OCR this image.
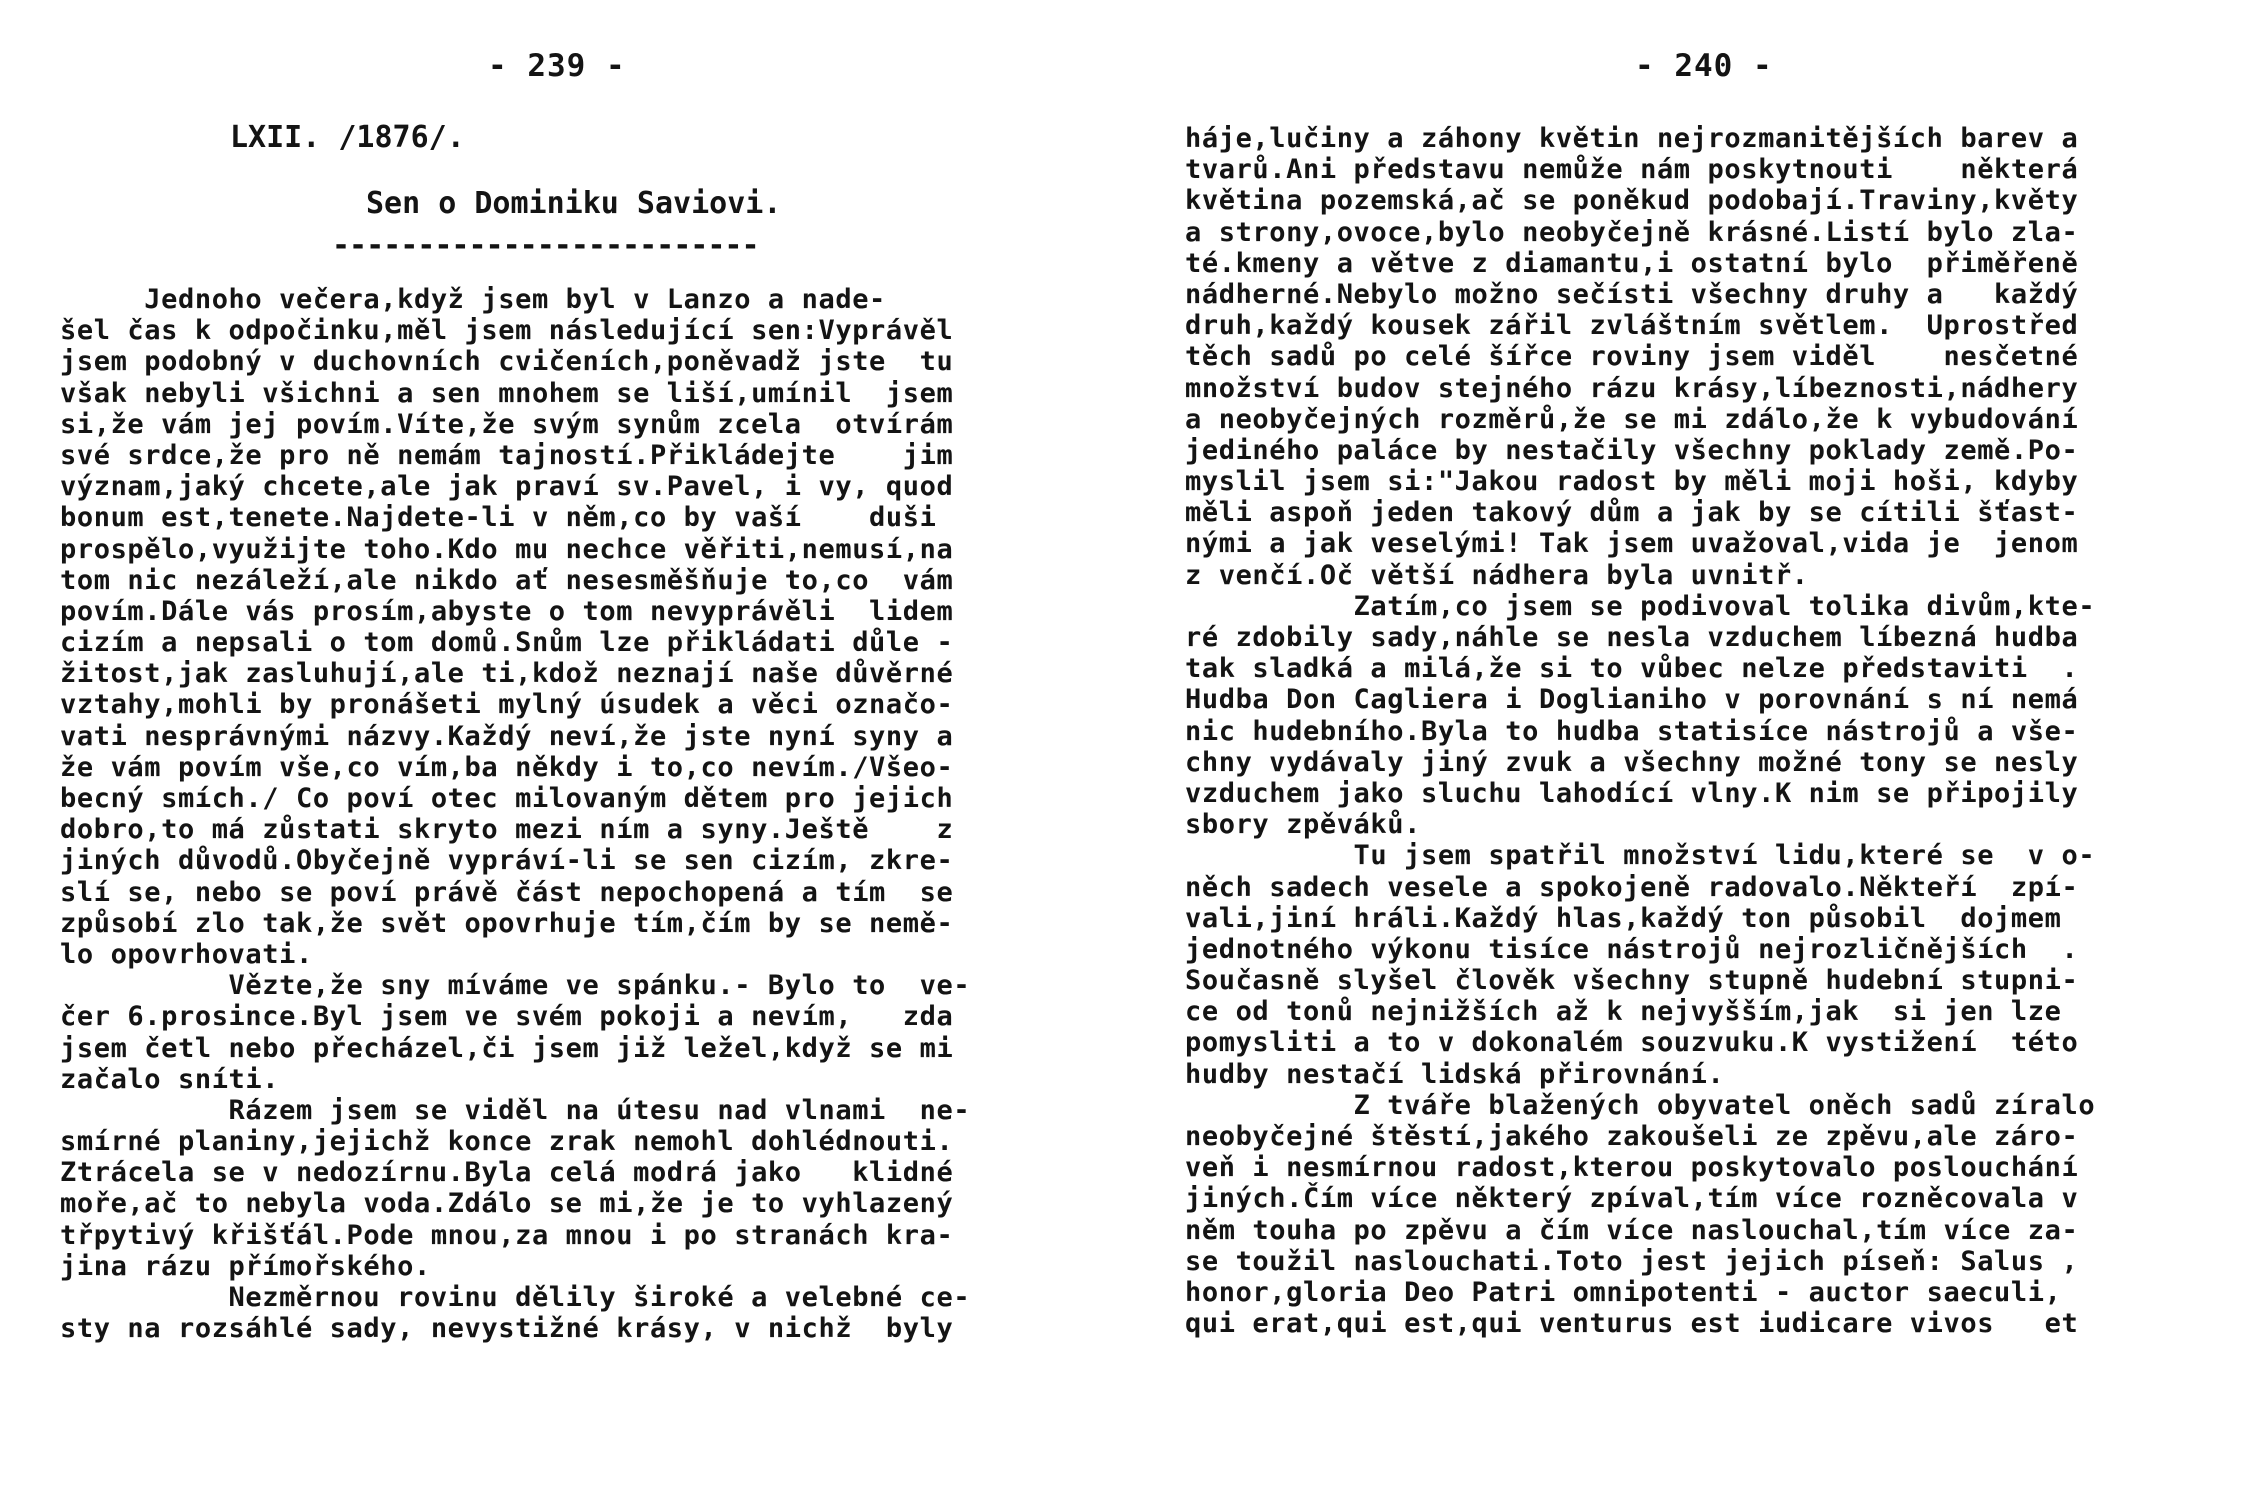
- 239 -
LXII. /1876/.
Sen o Dominiku Saviovi.
-------------------------
Jednoho večera,když jsem byl v Lanzo a nade-
šel čas k odpočinku,měl jsem následující sen:Vyprávěl
jsem podobný v duchovních cvičeních,poněvadž jste  tu
však nebyli všichni a sen mnohem se liší,umínil  jsem
si,že vám jej povím.Víte,že svým synům zcela  otvírám
své srdce,že pro ně nemám tajností.Přikládejte    jim
význam,jaký chcete,ale jak praví sv.Pavel, i vy, quod
bonum est,tenete.Najdete-li v něm,co by vaší    duši
prospělo,využijte toho.Kdo mu nechce věřiti,nemusí,na
tom nic nezáleží,ale nikdo ať nesesměšňuje to,co  vám
povím.Dále vás prosím,abyste o tom nevyprávěli  lidem
cizím a nepsali o tom domů.Snům lze přikládati důle -
žitost,jak zasluhují,ale ti,kdož neznají naše důvěrné
vztahy,mohli by pronášeti mylný úsudek a věci označo-
vati nesprávnými názvy.Každý neví,že jste nyní syny a
že vám povím vše,co vím,ba někdy i to,co nevím./Všeo-
becný smích./ Co poví otec milovaným dětem pro jejich
dobro,to má zůstati skryto mezi ním a syny.Ještě    z
jiných důvodů.Obyčejně vypráví-li se sen cizím, zkre-
slí se, nebo se poví právě část nepochopená a tím  se
způsobí zlo tak,že svět opovrhuje tím,čím by se nemě-
lo opovrhovati.
Vězte,že sny míváme ve spánku.- Bylo to  ve-
čer 6.prosince.Byl jsem ve svém pokoji a nevím,   zda
jsem četl nebo přecházel,či jsem již ležel,když se mi
začalo sníti.
Rázem jsem se viděl na útesu nad vlnami  ne-
smírné planiny,jejichž konce zrak nemohl dohlédnouti.
Ztrácela se v nedozírnu.Byla celá modrá jako   klidné
moře,ač to nebyla voda.Zdálo se mi,že je to vyhlazený
třpytivý křišťál.Pode mnou,za mnou i po stranách kra-
jina rázu přímořského.
Nezměrnou rovinu dělily široké a velebné ce-
sty na rozsáhlé sady, nevystižné krásy, v nichž  byly
- 240 -
háje,lučiny a záhony květin nejrozmanitějších barev a
tvarů.Ani představu nemůže nám poskytnouti    některá
květina pozemská,ač se poněkud podobají.Traviny,květy
a strony,ovoce,bylo neobyčejně krásné.Listí bylo zla-
té.kmeny a větve z diamantu,i ostatní bylo  přiměřeně
nádherné.Nebylo možno sečísti všechny druhy a   každý
druh,každý kousek zářil zvláštním světlem.  Uprostřed
těch sadů po celé šířce roviny jsem viděl    nesčetné
množství budov stejného rázu krásy,líbeznosti,nádhery
a neobyčejných rozměrů,že se mi zdálo,že k vybudování
jediného paláce by nestačily všechny poklady země.Po-
myslil jsem si:"Jakou radost by měli moji hoši, kdyby
měli aspoň jeden takový dům a jak by se cítili šťast-
nými a jak veselými! Tak jsem uvažoval,vida je  jenom
z venčí.Oč větší nádhera byla uvnitř.
Zatím,co jsem se podivoval tolika divům,kte-
ré zdobily sady,náhle se nesla vzduchem líbezná hudba
tak sladká a milá,že si to vůbec nelze představiti  .
Hudba Don Cagliera i Doglianiho v porovnání s ní nemá
nic hudebního.Byla to hudba statisíce nástrojů a vše-
chny vydávaly jiný zvuk a všechny možné tony se nesly
vzduchem jako sluchu lahodící vlny.K nim se připojily
sbory zpěváků.
Tu jsem spatřil množství lidu,které se  v o-
něch sadech vesele a spokojeně radovalo.Někteří  zpí-
vali,jiní hráli.Každý hlas,každý ton působil  dojmem
jednotného výkonu tisíce nástrojů nejrozličnějších  .
Současně slyšel člověk všechny stupně hudební stupni-
ce od tonů nejnižších až k nejvyšším,jak  si jen lze
pomysliti a to v dokonalém souzvuku.K vystižení  této
hudby nestačí lidská přirovnání.
Z tváře blažených obyvatel oněch sadů zíralo
neobyčejné štěstí,jakého zakoušeli ze zpěvu,ale záro-
veň i nesmírnou radost,kterou poskytovalo poslouchání
jiných.Čím více některý zpíval,tím více rozněcovala v
něm touha po zpěvu a čím více naslouchal,tím více za-
se toužil naslouchati.Toto jest jejich píseň: Salus ,
honor,gloria Deo Patri omnipotenti - auctor saeculi,
qui erat,qui est,qui venturus est iudicare vivos   et
